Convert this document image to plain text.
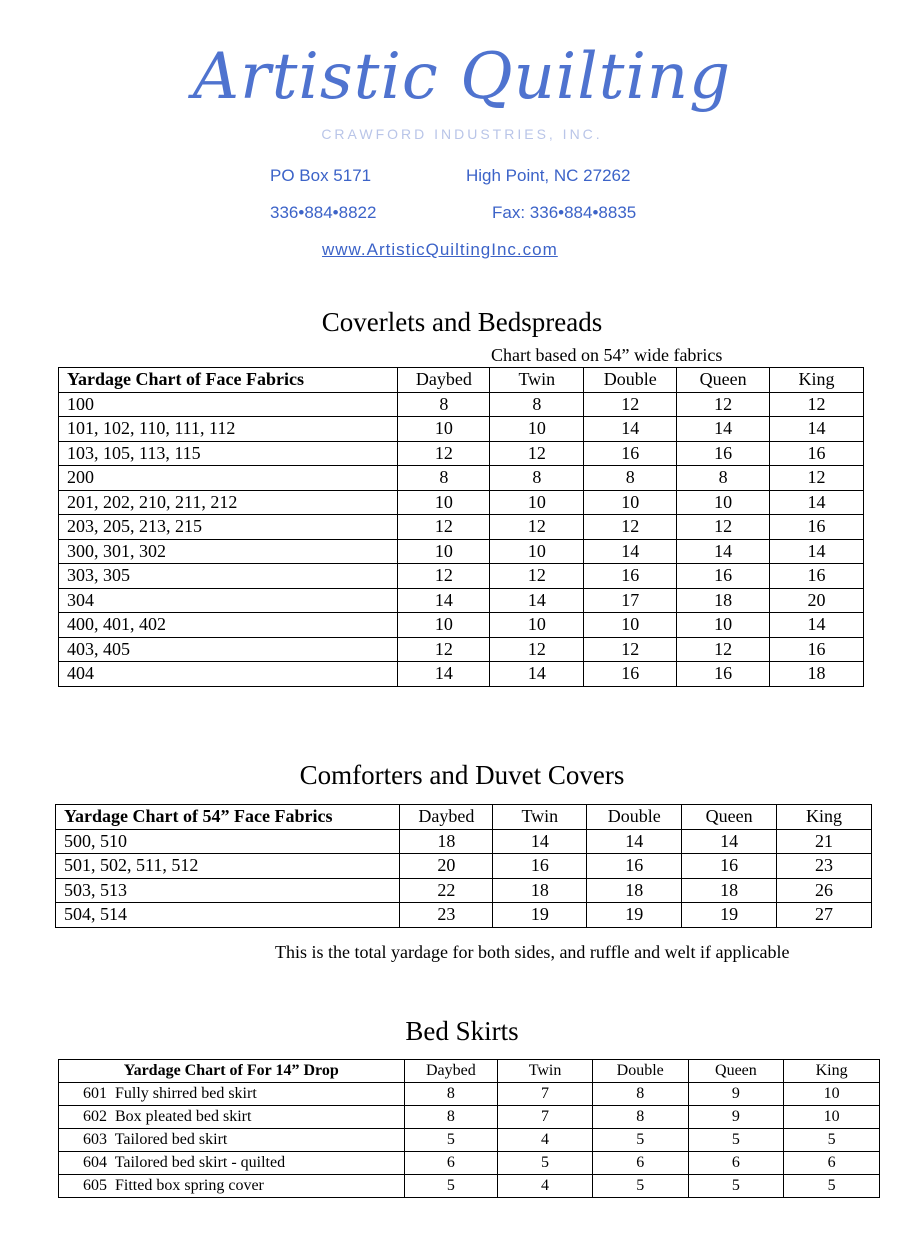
Artistic Quilting
CRAWFORD INDUSTRIES, INC.
PO Box 5171	High Point, NC 27262
336•884•8822	Fax: 336•884•8835
www.ArtisticQuiltingInc.com
Coverlets and Bedspreads
Chart based on 54” wide fabrics
Yardage Chart of Face Fabrics	Daybed	Twin	Double	Queen	King
100	8	8	12	12	12
101, 102, 110, 111, 112	10	10	14	14	14
103, 105, 113, 115	12	12	16	16	16
200	8	8	8	8	12
201, 202, 210, 211, 212	10	10	10	10	14
203, 205, 213, 215	12	12	12	12	16
300, 301, 302	10	10	14	14	14
303, 305	12	12	16	16	16
304	14	14	17	18	20
400, 401, 402	10	10	10	10	14
403, 405	12	12	12	12	16
404	14	14	16	16	18
Comforters and Duvet Covers
Yardage Chart of 54” Face Fabrics	Daybed	Twin	Double	Queen	King
500, 510	18	14	14	14	21
501, 502, 511, 512	20	16	16	16	23
503, 513	22	18	18	18	26
504, 514	23	19	19	19	27
This is the total yardage for both sides, and ruffle and welt if applicable
Bed Skirts
Yardage Chart of For 14” Drop	Daybed	Twin	Double	Queen	King
601  Fully shirred bed skirt	8	7	8	9	10
602  Box pleated bed skirt	8	7	8	9	10
603  Tailored bed skirt	5	4	5	5	5
604  Tailored bed skirt - quilted	6	5	6	6	6
605  Fitted box spring cover	5	4	5	5	5
